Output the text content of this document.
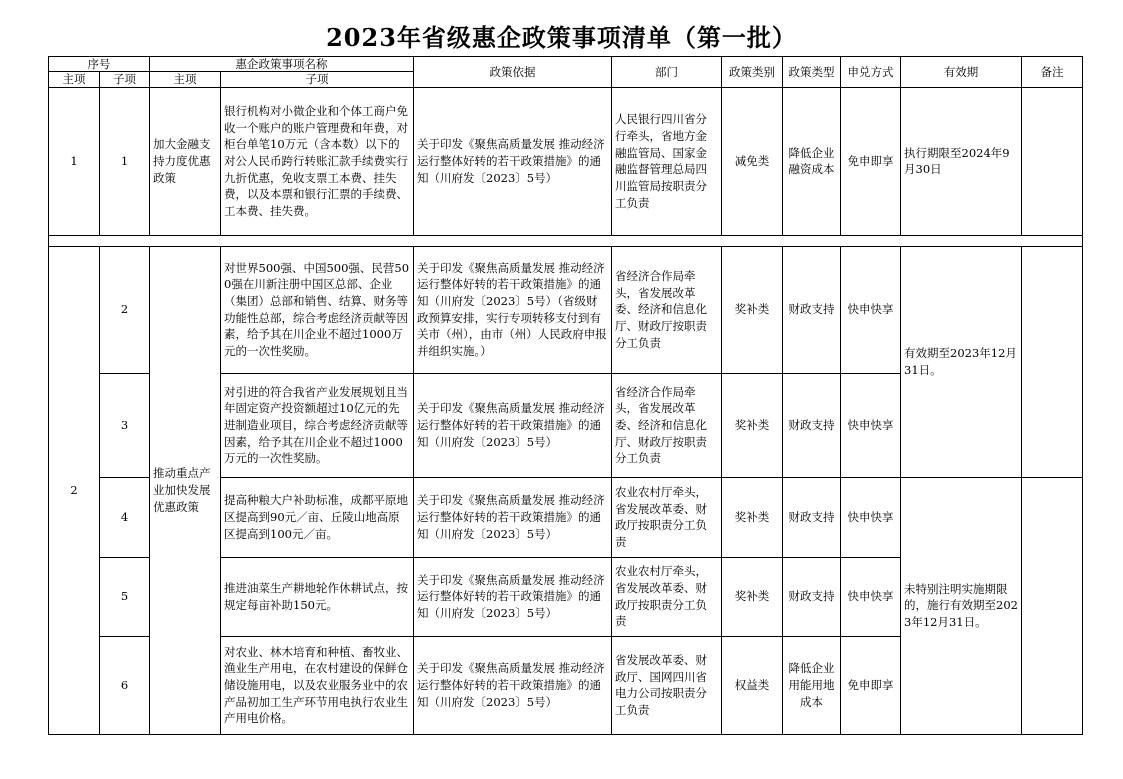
2023年省级惠企政策事项清单（第一批）
序号		惠企政策事项名称		政策依据	部门	政策类别	政策类型	申兑方式	有效期	备注
主项	子项	主项	子项							
1	1	加大金融支持力度优惠政策	银行机构对小微企业和个体工商户免收一个账户的账户管理费和年费，对柜台单笔10万元（含本数）以下的对公人民币跨行转账汇款手续费实行九折优惠，免收支票工本费、挂失费，以及本票和银行汇票的手续费、工本费、挂失费。	关于印发《聚焦高质量发展 推动经济运行整体好转的若干政策措施》的通知（川府发〔2023〕5号）	人民银行四川省分行牵头，省地方金融监管局、国家金融监督管理总局四川监管局按职责分工负责	减免类	降低企业融资成本	免申即享	执行期限至2024年9月30日	

2	2	推动重点产业加快发展优惠政策	对世界500强、中国500强、民营500强在川新注册中国区总部、企业（集团）总部和销售、结算、财务等功能性总部，综合考虑经济贡献等因素，给予其在川企业不超过1000万元的一次性奖励。	关于印发《聚焦高质量发展 推动经济运行整体好转的若干政策措施》的通知（川府发〔2023〕5号）（省级财政预算安排，实行专项转移支付到有关市（州），由市（州）人民政府申报并组织实施。）	省经济合作局牵头，省发展改革委、经济和信息化厅、财政厅按职责分工负责	奖补类	财政支持	快申快享	有效期至2023年12月31日。	
	3		对引进的符合我省产业发展规划且当年固定资产投资额超过10亿元的先进制造业项目，综合考虑经济贡献等因素，给予其在川企业不超过1000万元的一次性奖励。	关于印发《聚焦高质量发展 推动经济运行整体好转的若干政策措施》的通知（川府发〔2023〕5号）	省经济合作局牵头，省发展改革委、经济和信息化厅、财政厅按职责分工负责	奖补类	财政支持	快申快享		
	4		提高种粮大户补助标准，成都平原地区提高到90元／亩、丘陵山地高原区提高到100元／亩。	关于印发《聚焦高质量发展 推动经济运行整体好转的若干政策措施》的通知（川府发〔2023〕5号）	农业农村厅牵头，省发展改革委、财政厅按职责分工负责	奖补类	财政支持	快申快享	未特别注明实施期限的，施行有效期至2023年12月31日。	
	5		推进油菜生产耕地轮作休耕试点，按规定每亩补助150元。	关于印发《聚焦高质量发展 推动经济运行整体好转的若干政策措施》的通知（川府发〔2023〕5号）	农业农村厅牵头，省发展改革委、财政厅按职责分工负责	奖补类	财政支持	快申快享		
	6		对农业、林木培育和种植、畜牧业、渔业生产用电，在农村建设的保鲜仓储设施用电，以及农业服务业中的农产品初加工生产环节用电执行农业生产用电价格。	关于印发《聚焦高质量发展 推动经济运行整体好转的若干政策措施》的通知（川府发〔2023〕5号）	省发展改革委、财政厅、国网四川省电力公司按职责分工负责	权益类	降低企业用能用地成本	免申即享		
